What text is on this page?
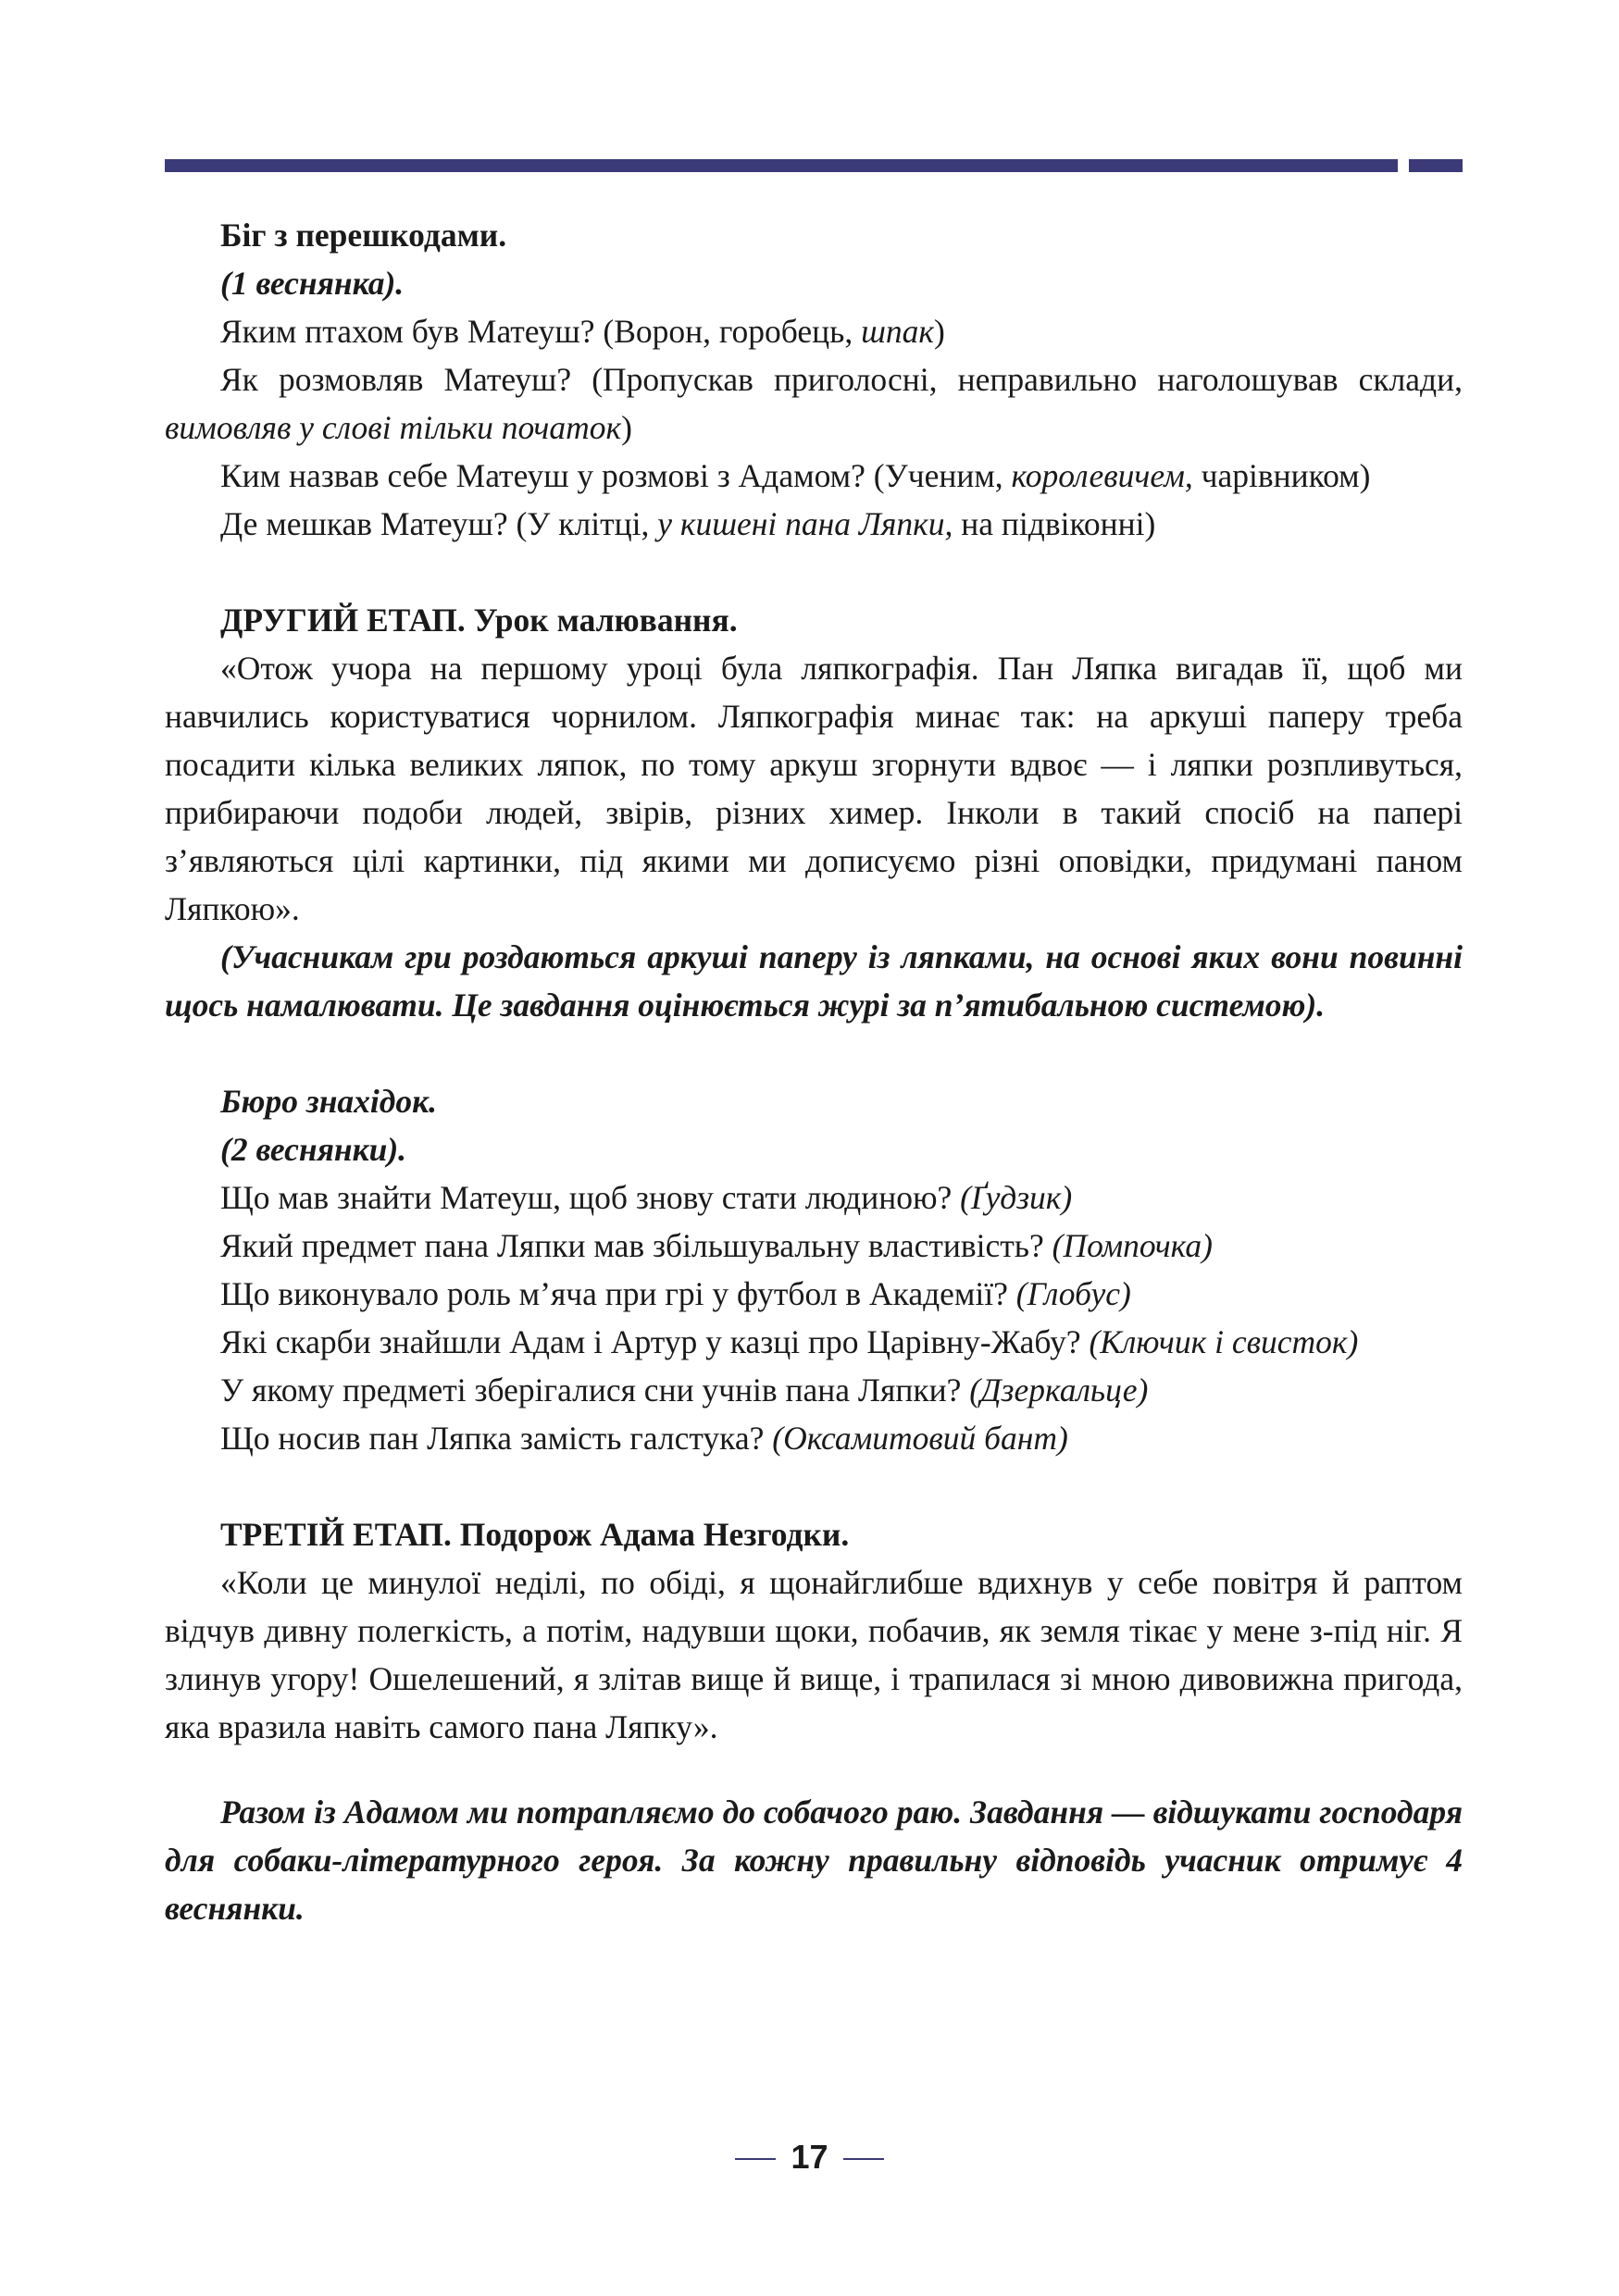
Біг з перешкодами.

(1 веснянка).

Яким птахом був Матеуш? (Ворон, горобець, шпак)

Як розмовляв Матеуш? (Пропускав приголосні, неправильно наголошував склади, вимовляв у слові тільки початок)

Ким назвав себе Матеуш у розмові з Адамом? (Ученим, королевичем, чарівником)

Де мешкав Матеуш? (У клітці, у кишені пана Ляпки, на підвіконні)

ДРУГИЙ ЕТАП. Урок малювання.

«Отож учора на першому уроці була ляпкографія. Пан Ляпка вигадав її, щоб ми навчились користуватися чорнилом. Ляпкографія минає так: на аркуші паперу треба посадити кілька великих ляпок, по тому аркуш згорнути вдвоє — і ляпки розпливуться, прибираючи подоби людей, звірів, різних химер. Інколи в такий спосіб на папері з’являються цілі картинки, під якими ми дописуємо різні оповідки, придумані паном Ляпкою».

(Учасникам гри роздаються аркуші паперу із ляпками, на основі яких вони повинні щось намалювати. Це завдання оцінюється журі за п’ятибальною системою).

Бюро знахідок.

(2 веснянки).

Що мав знайти Матеуш, щоб знову стати людиною? (Ґудзик)

Який предмет пана Ляпки мав збільшувальну властивість? (Помпочка)

Що виконувало роль м’яча при грі у футбол в Академії? (Глобус)

Які скарби знайшли Адам і Артур у казці про Царівну-Жабу? (Ключик і свисток)

У якому предметі зберігалися сни учнів пана Ляпки? (Дзеркальце)

Що носив пан Ляпка замість галстука? (Оксамитовий бант)

ТРЕТІЙ ЕТАП. Подорож Адама Незгодки.

«Коли це минулої неділі, по обіді, я щонайглибше вдихнув у себе повітря й раптом відчув дивну полегкість, а потім, надувши щоки, побачив, як земля тікає у мене з-під ніг. Я злинув угору! Ошелешений, я злітав вище й вище, і трапилася зі мною дивовижна пригода, яка вразила навіть самого пана Ляпку».

Разом із Адамом ми потрапляємо до собачого раю. Завдання — відшукати господаря для собаки-літературного героя. За кожну правильну відповідь учасник отримує 4 веснянки.

17
